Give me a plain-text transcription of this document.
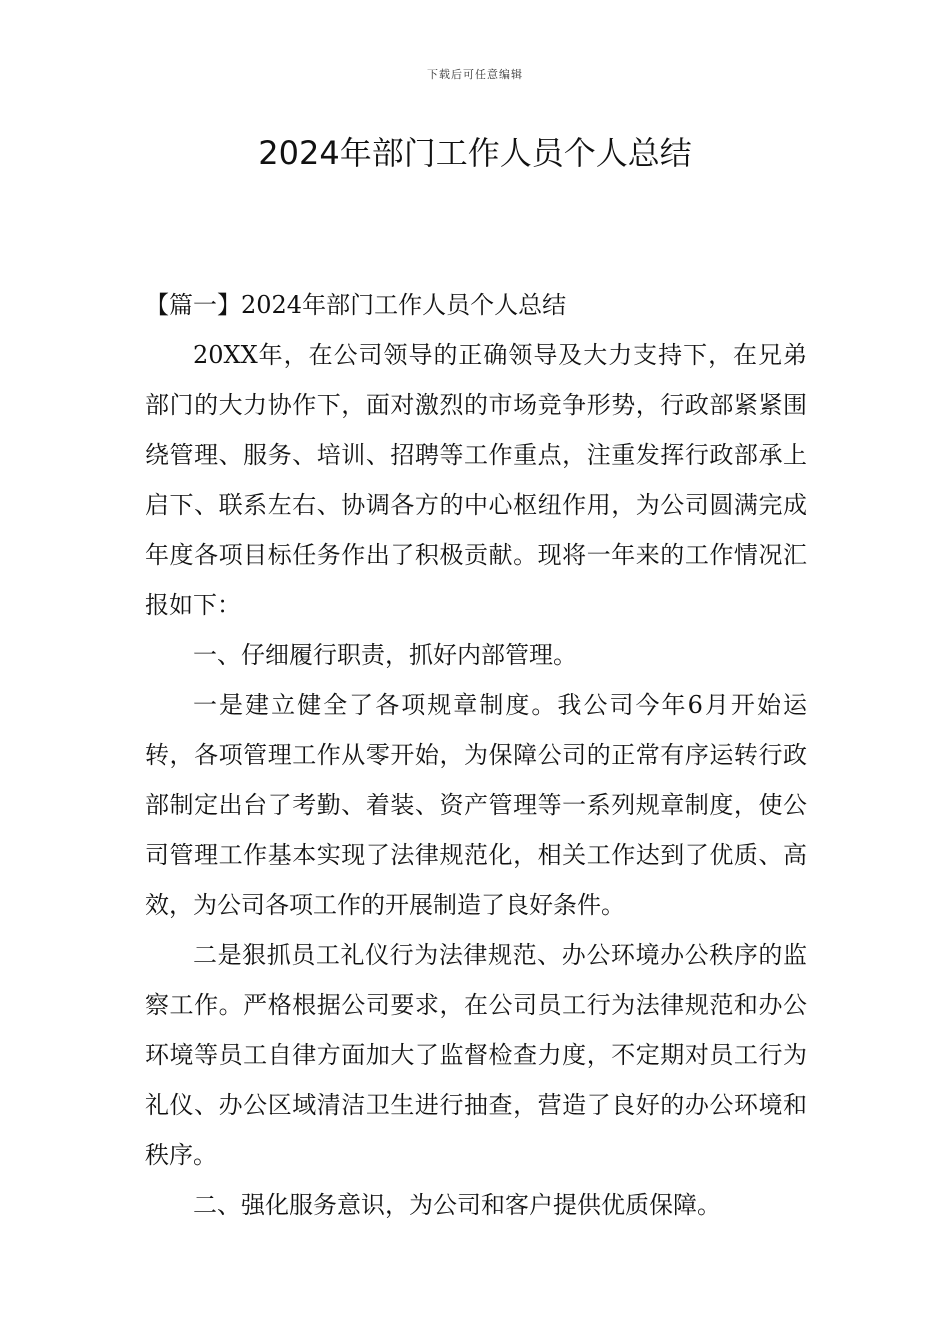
下载后可任意编辑
2024年部门工作人员个人总结

【篇一】2024年部门工作人员个人总结

20XX年，在公司领导的正确领导及大力支持下，在兄弟部门的大力协作下，面对激烈的市场竞争形势，行政部紧紧围绕管理、服务、培训、招聘等工作重点，注重发挥行政部承上启下、联系左右、协调各方的中心枢纽作用，为公司圆满完成年度各项目标任务作出了积极贡献。现将一年来的工作情况汇报如下：

一、仔细履行职责，抓好内部管理。

一是建立健全了各项规章制度。我公司今年6月开始运转，各项管理工作从零开始，为保障公司的正常有序运转行政部制定出台了考勤、着装、资产管理等一系列规章制度，使公司管理工作基本实现了法律规范化，相关工作达到了优质、高效，为公司各项工作的开展制造了良好条件。

二是狠抓员工礼仪行为法律规范、办公环境办公秩序的监察工作。严格根据公司要求，在公司员工行为法律规范和办公环境等员工自律方面加大了监督检查力度，不定期对员工行为礼仪、办公区域清洁卫生进行抽查，营造了良好的办公环境和秩序。

二、强化服务意识，为公司和客户提供优质保障。
